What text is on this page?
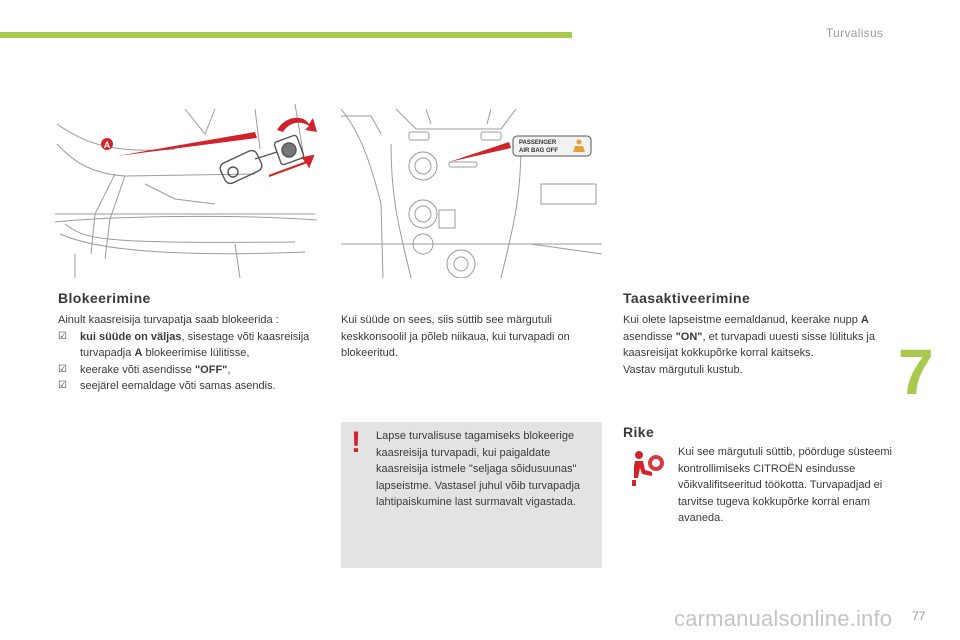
Turvalisus
7
A	PASSENGER
AIR BAG OFF
Blokeerimine
Ainult kaasreisija turvapatja saab blokeerida :
☑ kui süüde on väljas, sisestage võti kaasreisija turvapadja A blokeerimise lülitisse,
☑ keerake võti asendisse "OFF",
☑ seejärel eemaldage võti samas asendis.
Kui süüde on sees, siis süttib see märgutuli keskkonsoolil ja põleb niikaua, kui turvapadi on blokeeritud.
! Lapse turvalisuse tagamiseks blokeerige kaasreisija turvapadi, kui paigaldate kaasreisija istmele "seljaga sõidusuunas" lapseistme. Vastasel juhul võib turvapadja lahtipaiskumine last surmavalt vigastada.
Taasaktiveerimine
Kui olete lapseistme eemaldanud, keerake nupp A asendisse "ON", et turvapadi uuesti sisse lülituks ja kaasreisijat kokkupõrke korral kaitseks.
Vastav märgutuli kustub.
Rike
Kui see märgutuli süttib, pöörduge süsteemi kontrollimiseks CITROËN esindusse võikvalifitseeritud töökotta. Turvapadjad ei tarvitse tugeva kokkupõrke korral enam avaneda.
carmanualsonline.info 77
